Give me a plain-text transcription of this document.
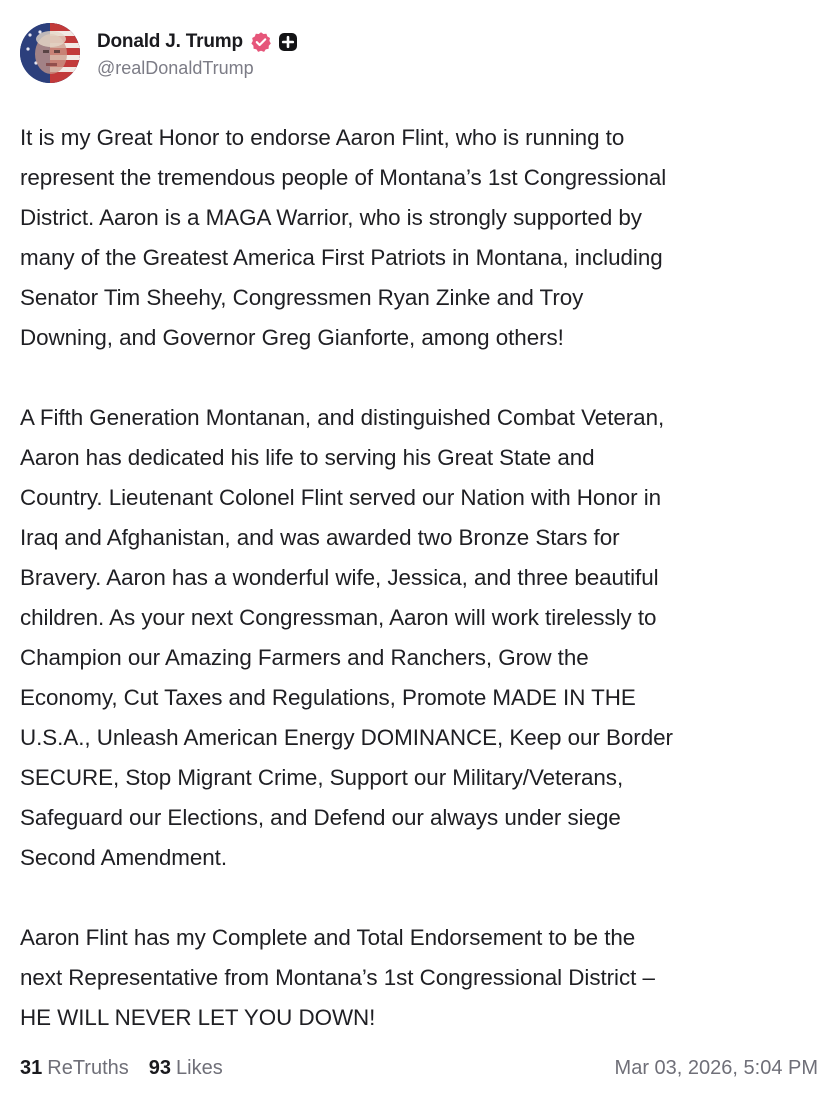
Donald J. Trump
@realDonaldTrump

It is my Great Honor to endorse Aaron Flint, who is running to
represent the tremendous people of Montana’s 1st Congressional
District. Aaron is a MAGA Warrior, who is strongly supported by
many of the Greatest America First Patriots in Montana, including
Senator Tim Sheehy, Congressmen Ryan Zinke and Troy
Downing, and Governor Greg Gianforte, among others!

A Fifth Generation Montanan, and distinguished Combat Veteran,
Aaron has dedicated his life to serving his Great State and
Country. Lieutenant Colonel Flint served our Nation with Honor in
Iraq and Afghanistan, and was awarded two Bronze Stars for
Bravery. Aaron has a wonderful wife, Jessica, and three beautiful
children. As your next Congressman, Aaron will work tirelessly to
Champion our Amazing Farmers and Ranchers, Grow the
Economy, Cut Taxes and Regulations, Promote MADE IN THE
U.S.A., Unleash American Energy DOMINANCE, Keep our Border
SECURE, Stop Migrant Crime, Support our Military/Veterans,
Safeguard our Elections, and Defend our always under siege
Second Amendment.

Aaron Flint has my Complete and Total Endorsement to be the
next Representative from Montana’s 1st Congressional District –
HE WILL NEVER LET YOU DOWN!

31 ReTruths 93 Likes	Mar 03, 2026, 5:04 PM
